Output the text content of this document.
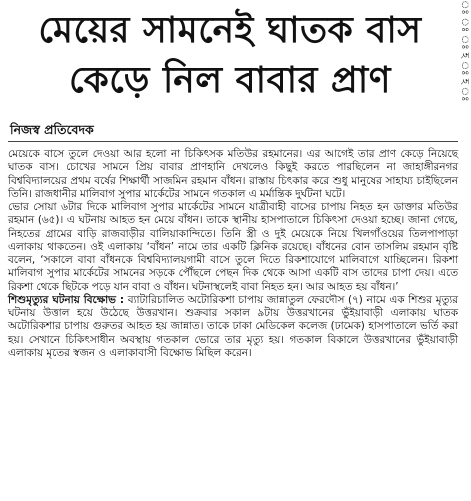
মেয়ের সামনেই ঘাতক বাস
কেড়ে নিল বাবার প্রাণ
নিজস্ব প্রতিবেদক
ঃ ঃ ঃ হ ঃ হ ঃ

মেয়েকে বাসে তুলে দেওয়া আর হলো না চিকিৎসক মতিউর রহমানের। এর আগেই তার প্রাণ কেড়ে নিয়েছে ঘাতক বাস। চোখের সামনে প্রিয় বাবার প্রাণহানি দেখলেও কিছুই করতে পারছিলেন না জাহাঙ্গীরনগর বিশ্ববিদ্যালয়ের প্রথম বর্ষের শিক্ষার্থী সাজমিন রহমান বাঁধন। রাস্তায় চিৎকার করে শুধু মানুষের সাহায্য চাইছিলেন তিনি। রাজধানীর মালিবাগ সুপার মার্কেটের সামনে গতকাল এ মর্মান্তিক দুর্ঘটনা ঘটে।

ভোর সোয়া ৬টার দিকে মালিবাগ সুপার মার্কেটের সামনে যাত্রীবাহী বাসের চাপায় নিহত হন ডাক্তার মতিউর রহমান (৬৫)। এ ঘটনায় আহত হন মেয়ে বাঁধন। তাকে স্থানীয় হাসপাতালে চিকিৎসা দেওয়া হচ্ছে। জানা গেছে, নিহতের গ্রামের বাড়ি রাজবাড়ীর বালিয়াকান্দিতে। তিনি স্ত্রী ও দুই মেয়েকে নিয়ে খিলগাঁওয়ের তিলপাপাড়া এলাকায় থাকতেন। ওই এলাকায় ‘বাঁধন’ নামে তার একটি ক্লিনিক রয়েছে। বাঁধনের বোন তাসলিম রহমান বৃষ্টি বলেন, ‘সকালে বাবা বাঁধনকে বিশ্ববিদ্যালয়গামী বাসে তুলে দিতে রিকশাযোগে মালিবাগে যাচ্ছিলেন। রিকশা মালিবাগ সুপার মার্কেটের সামনের সড়কে পৌঁছলে পেছন দিক থেকে আসা একটি বাস তাদের চাপা দেয়। এতে রিকশা থেকে ছিটকে পড়ে যান বাবা ও বাঁধন। ঘটনাস্থলেই বাবা নিহত হন। আর আহত হয় বাঁধন।’

শিশুমৃত্যুর ঘটনায় বিক্ষোভ : ব্যাটারিচালিত অটোরিকশা চাপায় জান্নাতুল ফেরদৌস (৭) নামে এক শিশুর মৃত্যুর ঘটনায় উত্তাল হয়ে উঠেছে উত্তরখান। শুক্রবার সকাল ৯টায় উত্তরখানের ভুঁইয়াবাড়ী এলাকায় ঘাতক অটোরিকশার চাপায় গুরুতর আহত হয় জান্নাত। তাকে ঢাকা মেডিকেল কলেজ (ঢামেক) হাসপাতালে ভর্তি করা হয়। সেখানে চিকিৎসাধীন অবস্থায় গতকাল ভোরে তার মৃত্যু হয়। গতকাল বিকালে উত্তরখানের ভুঁইয়াবাড়ী এলাকায় মৃতের স্বজন ও এলাকাবাসী বিক্ষোভ মিছিল করেন।
